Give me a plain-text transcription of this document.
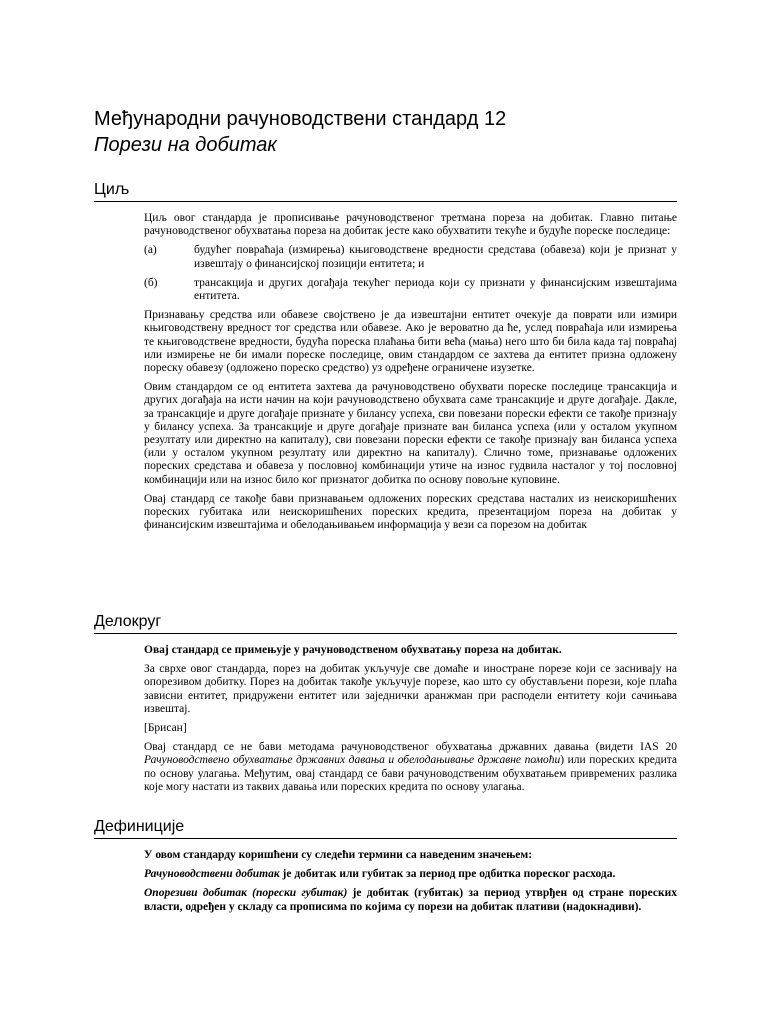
Међународни рачуноводствени стандард 12
Порези на добитак
Циљ

Циљ овог стандарда је прописивање рачуноводственог третмана пореза на добитак. Главно питање рачуноводственог обухватања пореза на добитак јесте како обухватити текуће и будуће пореске последице:

(а)	будућег повраћаја (измирења) књиговодствене вредности средстава (обавеза) који је признат у извештају о финансијској позицији ентитета; и
(б)	трансакција и других догађаја текућег периода који су признати у финансијским извештајима ентитета.

Признавању средства или обавезе својствено је да извештајни ентитет очекује да поврати или измири књиговодствену вредност тог средства или обавезе. Ако је вероватно да ће, услед повраћаја или измирења те књиговодствене вредности, будућа пореска плаћања бити већа (мања) него што би била када тај повраћај или измирење не би имали пореске последице, овим стандардом се захтева да ентитет призна одложену пореску обавезу (одложено пореско средство) уз одређене ограничене изузетке.

Овим стандардом се од ентитета захтева да рачуноводствено обухвати пореске последице трансакција и других догађаја на исти начин на који рачуноводствено обухвата саме трансакције и друге догађаје. Дакле, за трансакције и друге догађаје признате у билансу успеха, сви повезани порески ефекти се такође признају у билансу успеха. За трансакције и друге догађаје признате ван биланса успеха (или у осталом укупном резултату или директно на капиталу), сви повезани порески ефекти се такође признају ван биланса успеха (или у осталом укупном резултату или директно на капиталу). Слично томе, признавање одложених пореских средстава и обавеза у пословној комбинацији утиче на износ гудвила насталог у тој пословној комбинацији или на износ било ког признатог добитка по основу повољне куповине.

Овај стандард се такође бави признавањем одложених пореских средстава насталих из неискоришћених пореских губитака или неискоришћених пореских кредита, презентацијом пореза на добитак у финансијским извештајима и обелодањивањем информација у вези са порезом на добитак

Делокруг

Овај стандард се примењује у рачуноводственом обухватању пореза на добитак.

За сврхе овог стандарда, порез на добитак укључује све домаће и иностране порезе који се заснивају на опорезивом добитку. Порез на добитак такође укључује порезе, као што су обустављени порези, које плаћа зависни ентитет, придружени ентитет или заједнички аранжман при расподели ентитету који сачињава извештај.

[Брисан]

Овај стандард се не бави методама рачуноводственог обухватања државних давања (видети IAS 20 Рачуноводствено обухватање државних давања и обелодањивање државне помоћи) или пореских кредита по основу улагања. Међутим, овај стандард се бави рачуноводственим обухватањем привремених разлика које могу настати из таквих давања или пореских кредита по основу улагања.

Дефиниције

У овом стандарду коришћени су следећи термини са наведеним значењем:

Рачуноводствени добитак је добитак или губитак за период пре одбитка пореског расхода.

Опорезиви добитак (порески губитак) је добитак (губитак) за период утврђен од стране пореских власти, одређен у складу са прописима по којима су порези на добитак плативи (надокнадиви).
